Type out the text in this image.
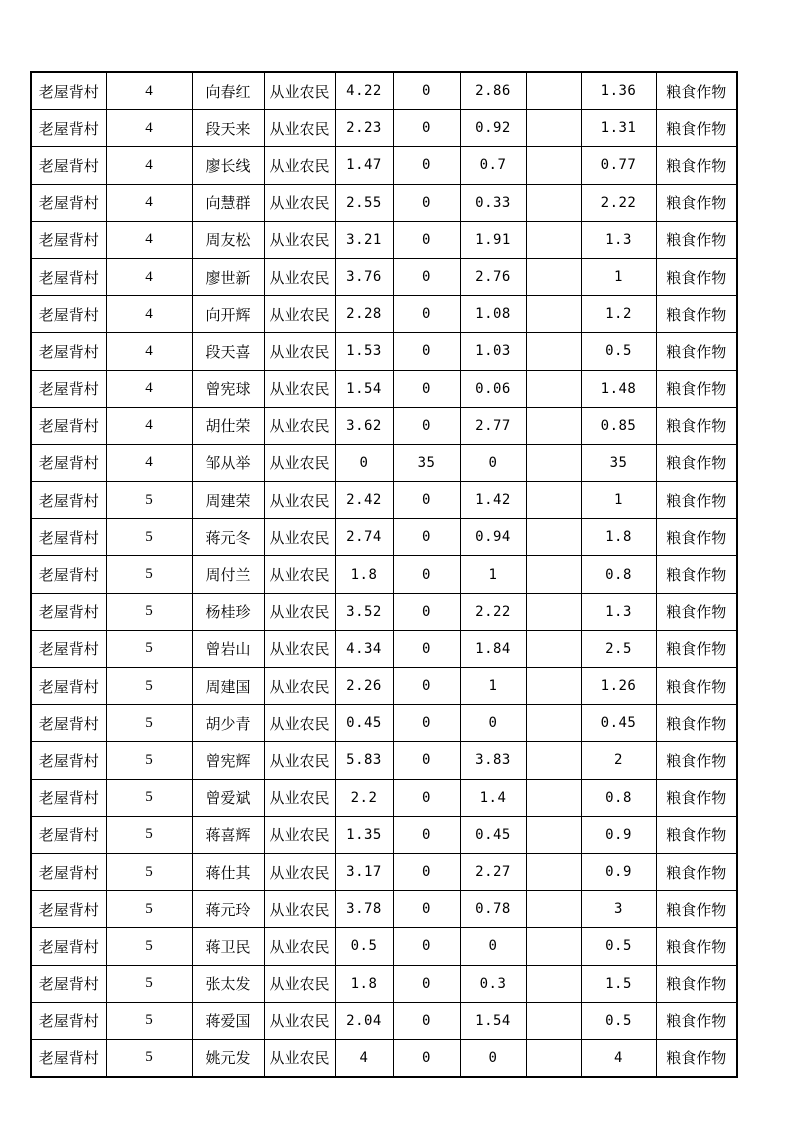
老屋背村	4	向春红	从业农民	4.22	0	2.86		1.36	粮食作物
老屋背村	4	段天来	从业农民	2.23	0	0.92		1.31	粮食作物
老屋背村	4	廖长线	从业农民	1.47	0	0.7		0.77	粮食作物
老屋背村	4	向慧群	从业农民	2.55	0	0.33		2.22	粮食作物
老屋背村	4	周友松	从业农民	3.21	0	1.91		1.3	粮食作物
老屋背村	4	廖世新	从业农民	3.76	0	2.76		1	粮食作物
老屋背村	4	向开辉	从业农民	2.28	0	1.08		1.2	粮食作物
老屋背村	4	段天喜	从业农民	1.53	0	1.03		0.5	粮食作物
老屋背村	4	曾宪球	从业农民	1.54	0	0.06		1.48	粮食作物
老屋背村	4	胡仕荣	从业农民	3.62	0	2.77		0.85	粮食作物
老屋背村	4	邹从举	从业农民	0	35	0		35	粮食作物
老屋背村	5	周建荣	从业农民	2.42	0	1.42		1	粮食作物
老屋背村	5	蒋元冬	从业农民	2.74	0	0.94		1.8	粮食作物
老屋背村	5	周付兰	从业农民	1.8	0	1		0.8	粮食作物
老屋背村	5	杨桂珍	从业农民	3.52	0	2.22		1.3	粮食作物
老屋背村	5	曾岩山	从业农民	4.34	0	1.84		2.5	粮食作物
老屋背村	5	周建国	从业农民	2.26	0	1		1.26	粮食作物
老屋背村	5	胡少青	从业农民	0.45	0	0		0.45	粮食作物
老屋背村	5	曾宪辉	从业农民	5.83	0	3.83		2	粮食作物
老屋背村	5	曾爱斌	从业农民	2.2	0	1.4		0.8	粮食作物
老屋背村	5	蒋喜辉	从业农民	1.35	0	0.45		0.9	粮食作物
老屋背村	5	蒋仕其	从业农民	3.17	0	2.27		0.9	粮食作物
老屋背村	5	蒋元玲	从业农民	3.78	0	0.78		3	粮食作物
老屋背村	5	蒋卫民	从业农民	0.5	0	0		0.5	粮食作物
老屋背村	5	张太发	从业农民	1.8	0	0.3		1.5	粮食作物
老屋背村	5	蒋爱国	从业农民	2.04	0	1.54		0.5	粮食作物
老屋背村	5	姚元发	从业农民	4	0	0		4	粮食作物
